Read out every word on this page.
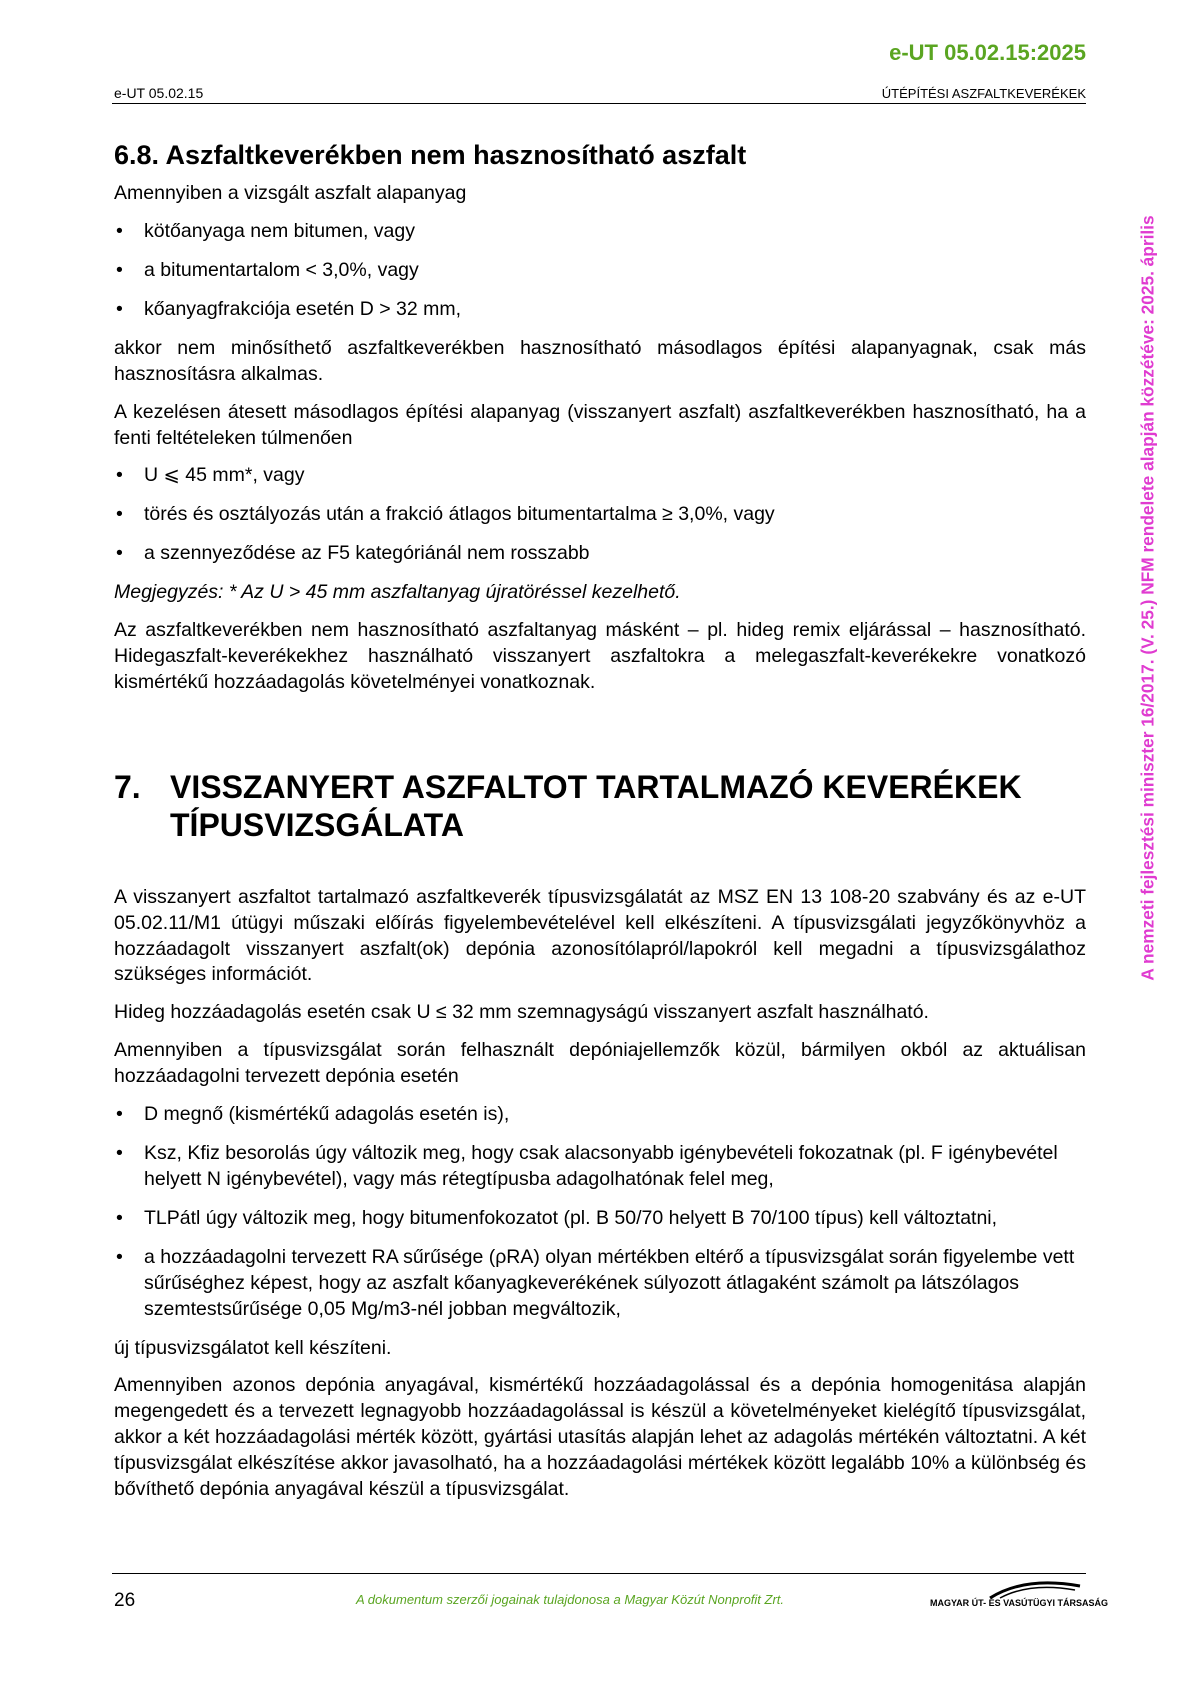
e-UT 05.02.15:2025
e-UT 05.02.15	ÚTÉPÍTÉSI ASZFALTKEVERÉKEK
A nemzeti fejlesztési miniszter 16/2017. (V. 25.) NFM rendelete alapján közzétéve: 2025. április
6.8. Aszfaltkeverékben nem hasznosítható aszfalt

Amennyiben a vizsgált aszfalt alapanyag

• kötőanyaga nem bitumen, vagy
• a bitumentartalom < 3,0%, vagy
• kőanyagfrakciója esetén D > 32 mm,

akkor nem minősíthető aszfaltkeverékben hasznosítható másodlagos építési alapanyagnak, csak más hasznosításra alkalmas.

A kezelésen átesett másodlagos építési alapanyag (visszanyert aszfalt) aszfaltkeverékben hasznosítható, ha a fenti feltételeken túlmenően

• U ⩽ 45 mm*, vagy
• törés és osztályozás után a frakció átlagos bitumentartalma ≥ 3,0%, vagy
• a szennyeződése az F5 kategóriánál nem rosszabb

Megjegyzés: * Az U > 45 mm aszfaltanyag újratöréssel kezelhető.

Az aszfaltkeverékben nem hasznosítható aszfaltanyag másként – pl. hideg remix eljárással – hasznosítható. Hidegaszfalt-keverékekhez használható visszanyert aszfaltokra a melegaszfalt-keverékekre vonatkozó kismértékű hozzáadagolás követelményei vonatkoznak.

7. VISSZANYERT ASZFALTOT TARTALMAZÓ KEVERÉKEK TÍPUSVIZSGÁLATA

A visszanyert aszfaltot tartalmazó aszfaltkeverék típusvizsgálatát az MSZ EN 13 108-20 szabvány és az e-UT 05.02.11/M1 útügyi műszaki előírás figyelembevételével kell elkészíteni. A típusvizsgálati jegyzőkönyvhöz a hozzáadagolt visszanyert aszfalt(ok) depónia azonosítólapról/lapokról kell megadni a típusvizsgálathoz szükséges információt.

Hideg hozzáadagolás esetén csak U ≤ 32 mm szemnagyságú visszanyert aszfalt használható.

Amennyiben a típusvizsgálat során felhasznált depóniajellemzők közül, bármilyen okból az aktuálisan hozzáadagolni tervezett depónia esetén

• D megnő (kismértékű adagolás esetén is),
• Ksz, Kfiz besorolás úgy változik meg, hogy csak alacsonyabb igénybevételi fokozatnak (pl. F igénybevétel helyett N igénybevétel), vagy más rétegtípusba adagolhatónak felel meg,
• TLPátl úgy változik meg, hogy bitumenfokozatot (pl. B 50/70 helyett B 70/100 típus) kell változtatni,
• a hozzáadagolni tervezett RA sűrűsége (ρRA) olyan mértékben eltérő a típusvizsgálat során figyelembe vett sűrűséghez képest, hogy az aszfalt kőanyagkeverékének súlyozott átlagaként számolt ρa látszólagos szemtestsűrűsége 0,05 Mg/m3-nél jobban megváltozik,

új típusvizsgálatot kell készíteni.

Amennyiben azonos depónia anyagával, kismértékű hozzáadagolással és a depónia homogenitása alapján megengedett és a tervezett legnagyobb hozzáadagolással is készül a követelményeket kielégítő típusvizsgálat, akkor a két hozzáadagolási mérték között, gyártási utasítás alapján lehet az adagolás mértékén változtatni. A két típusvizsgálat elkészítése akkor javasolható, ha a hozzáadagolási mértékek között legalább 10% a különbség és bővíthető depónia anyagával készül a típusvizsgálat.

26	A dokumentum szerzői jogainak tulajdonosa a Magyar Közút Nonprofit Zrt.	MAGYAR ÚT- ÉS VASÚTÜGYI TÁRSASÁG
